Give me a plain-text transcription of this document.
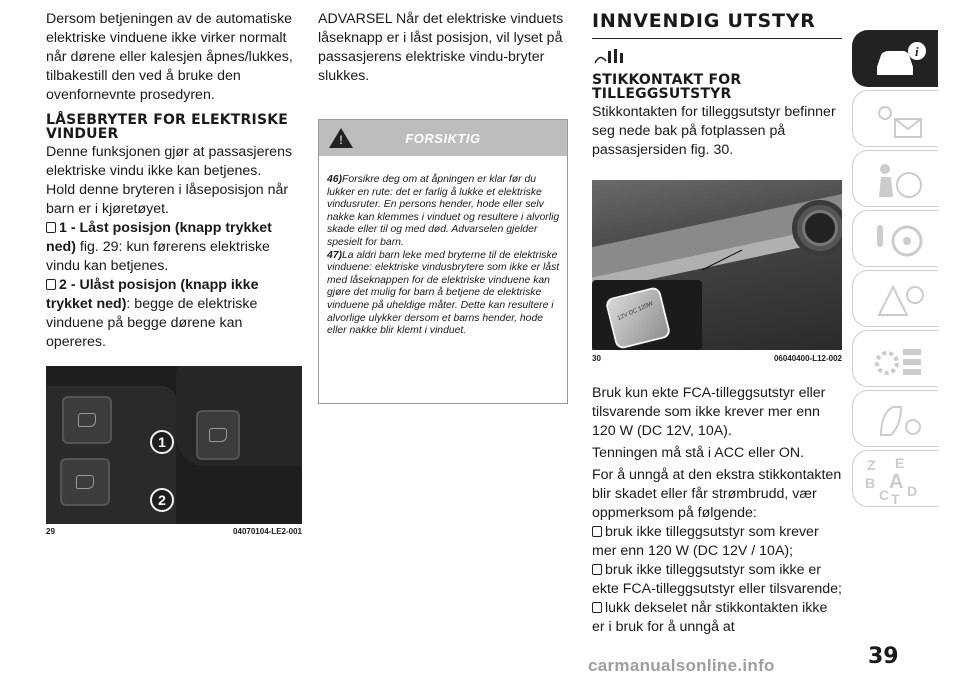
Dersom betjeningen av de automatiske elektriske vinduene ikke virker normalt når dørene eller kalesjen åpnes/lukkes, tilbakestill den ved å bruke den ovenfornevnte prosedyren.

LÅSEBRYTER FOR ELEKTRISKE VINDUER

Denne funksjonen gjør at passasjerens elektriske vindu ikke kan betjenes. Hold denne bryteren i låseposisjon når barn er i kjøretøyet.

1 - Låst posisjon (knapp trykket ned) fig. 29: kun førerens elektriske vindu kan betjenes.

2 - Ulåst posisjon (knapp ikke trykket ned): begge de elektriske vinduene på begge dørene kan opereres.

1
2
29	04070104-LE2-001

ADVARSEL Når det elektriske vinduets låseknapp er i låst posisjon, vil lyset på passasjerens elektriske vindu-bryter slukkes.

!
FORSIKTIG

46)Forsikre deg om at åpningen er klar før du lukker en rute: det er farlig å lukke et elektriske vindusruter. En persons hender, hode eller selv nakke kan klemmes i vinduet og resultere i alvorlig skade eller til og med død. Advarselen gjelder spesielt for barn.

47)La aldri barn leke med bryterne til de elektriske vinduene: elektriske vindusbrytere som ikke er låst med låseknappen for de elektriske vinduene kan gjøre det mulig for barn å betjene de elektriske vinduene på uheldige måter. Dette kan resultere i alvorlige ulykker dersom et barns hender, hode eller nakke blir klemt i vinduet.

INNVENDIG UTSTYR
STIKKONTAKT FOR TILLEGGSUTSTYR

Stikkontakten for tilleggsutstyr befinner seg nede bak på fotplassen på passasjersiden fig. 30.

12V DC 120W
30	06040400-L12-002

Bruk kun ekte FCA-tilleggsutstyr eller tilsvarende som ikke krever mer enn 120 W (DC 12V, 10A).

Tenningen må stå i ACC eller ON.

For å unngå at den ekstra stikkontakten blir skadet eller får strømbrudd, vær oppmerksom på følgende:

bruk ikke tilleggsutstyr som krever mer enn 120 W (DC 12V / 10A);

bruk ikke tilleggsutstyr som ikke er ekte FCA-tilleggsutstyr eller tilsvarende;

lukk dekselet når stikkontakten ikke er i bruk for å unngå at

i
Z E
B A
C T D
39
carmanualsonline.info
